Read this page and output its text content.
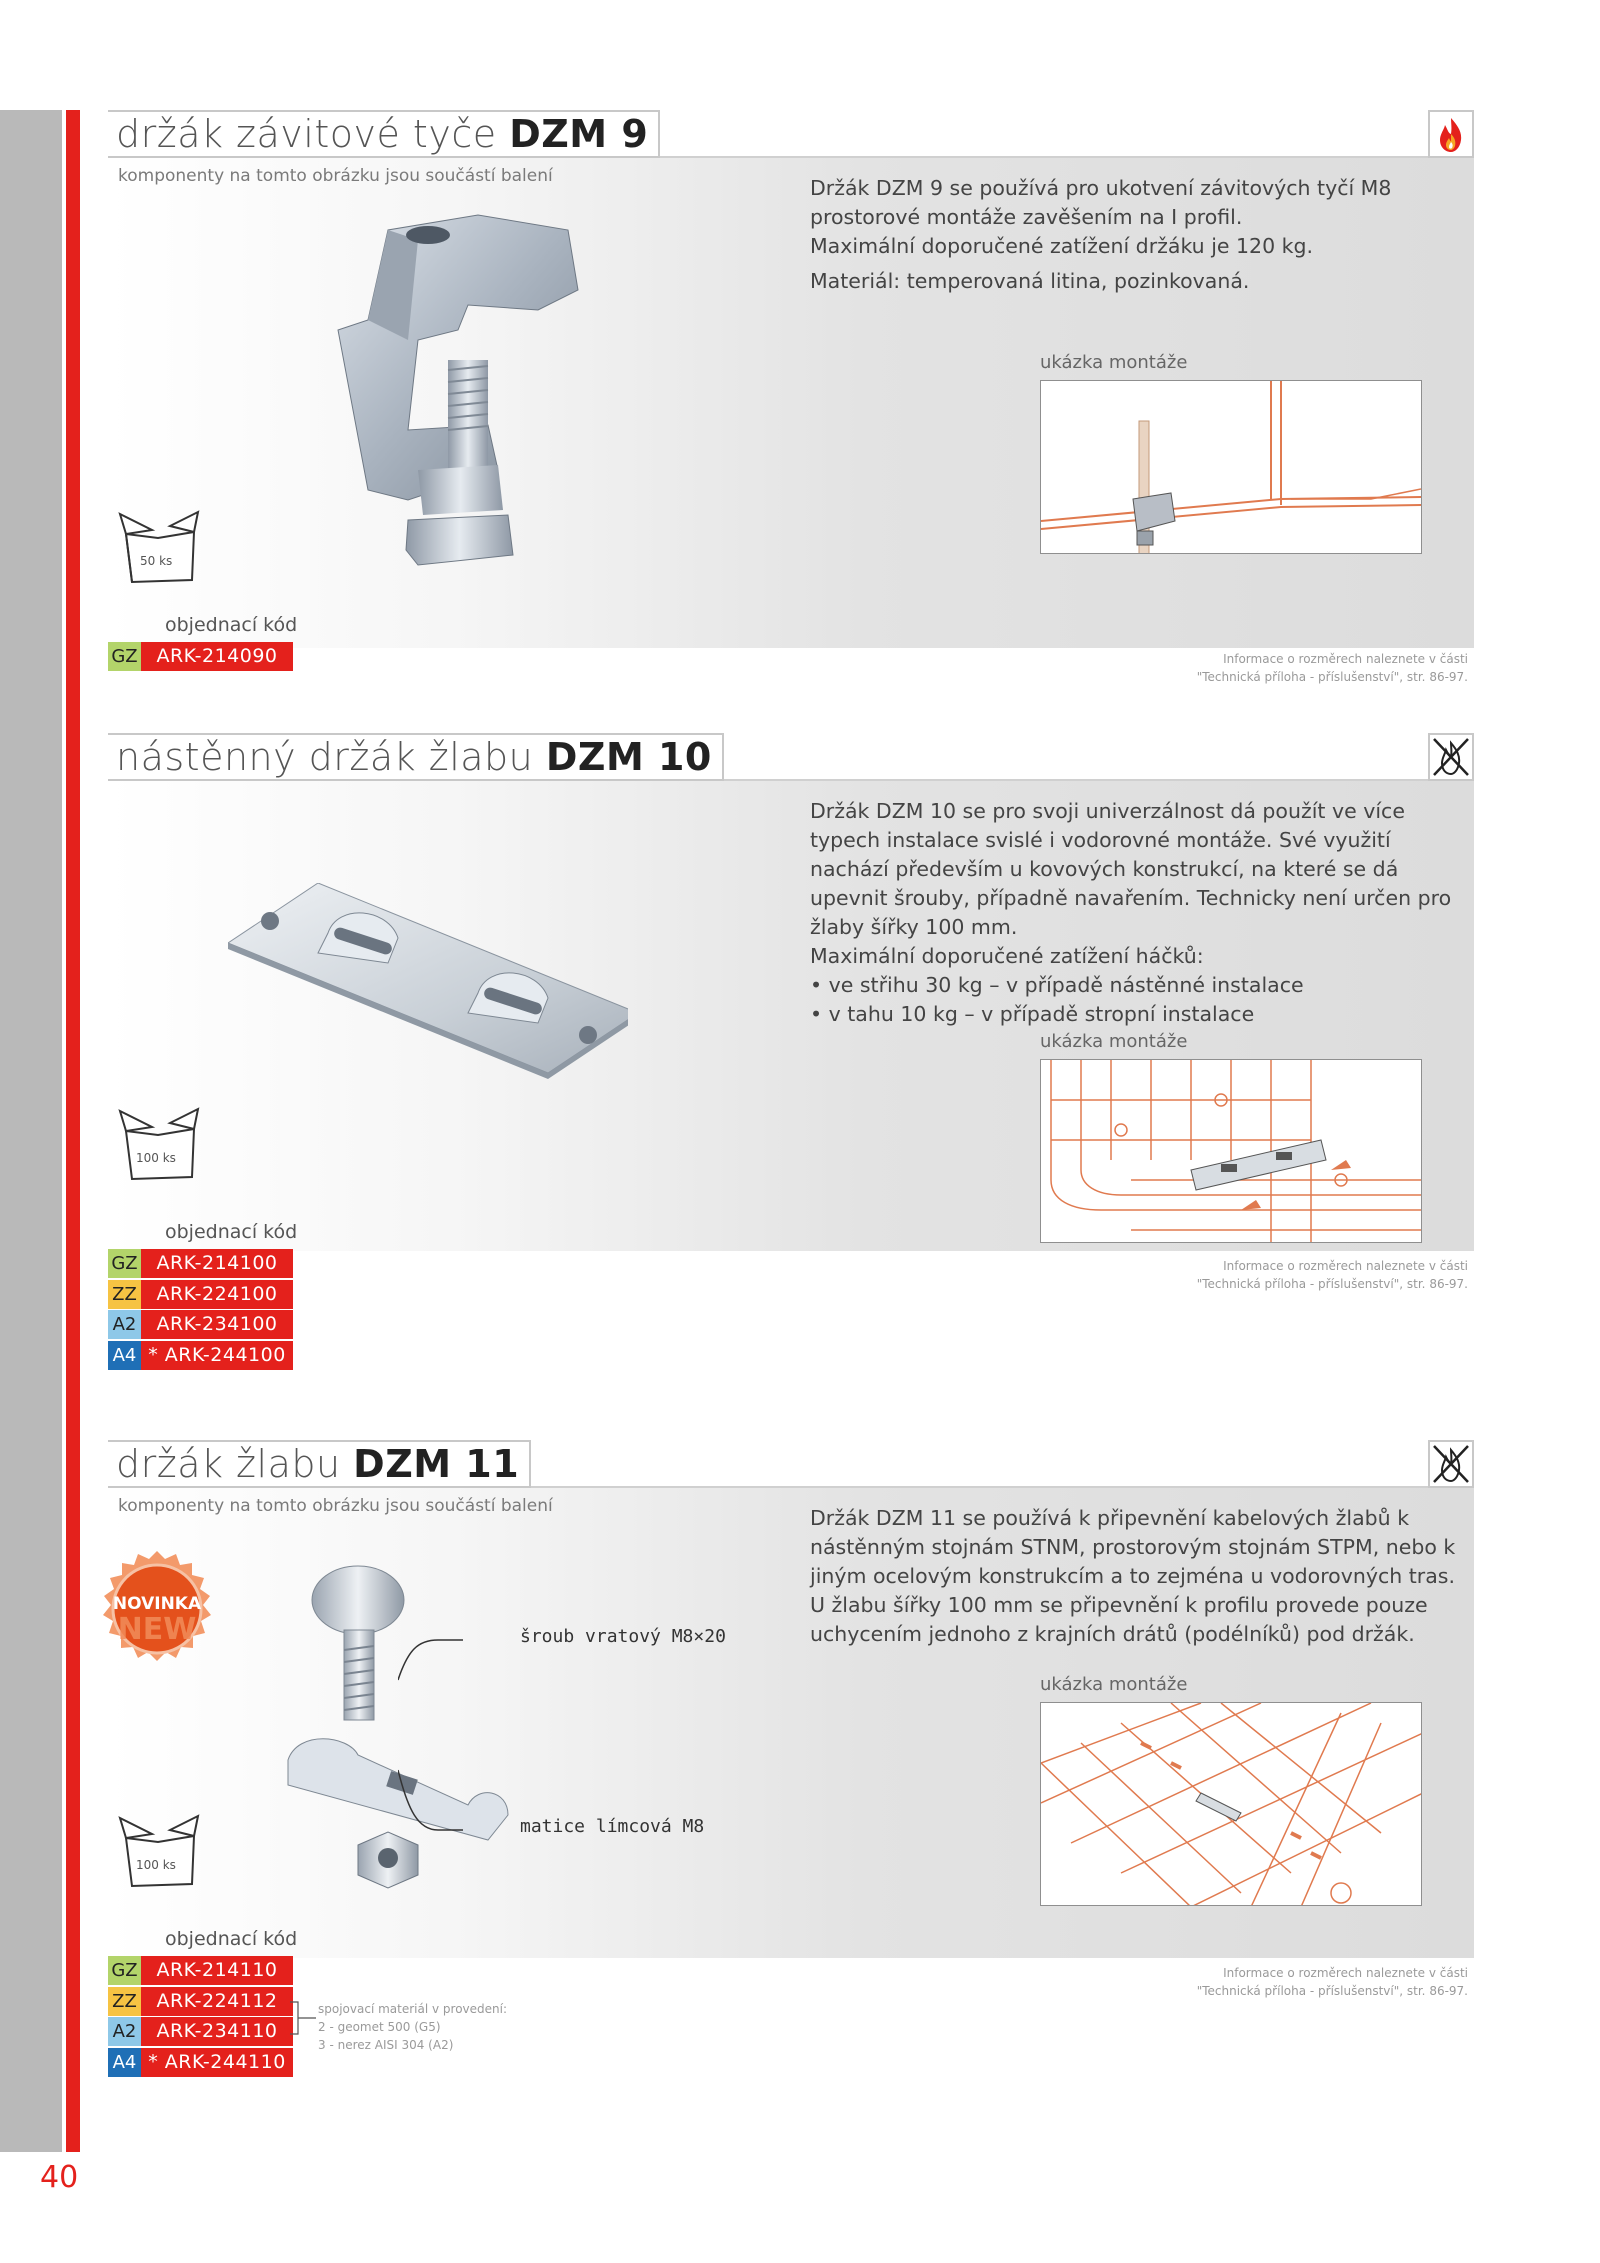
držák závitové tyče DZM 9
komponenty na tomto obrázku jsou součástí balení	Držák DZM 9 se používá pro ukotvení závitových tyčí M8 prostorové montáže zavěšením na I profil.

Maximální doporučené zatížení držáku je 120 kg.

Materiál: temperovaná litina, pozinkovaná.

ukázka montáže
50 ks
objednací kód
GZ ARK-214090	Informace o rozměrech naleznete v části
"Technická příloha - příslušenství", str. 86-97.
nástěnný držák žlabu DZM 10

Držák DZM 10 se pro svoji univerzálnost dá použít ve více typech instalace svislé i vodorovné montáže. Své využití nachází především u kovových konstrukcí, na které se dá upevnit šrouby, případně navařením. Technicky není určen pro žlaby šířky 100 mm.

Maximální doporučené zatížení háčků:

• ve střihu 30 kg – v případě nástěnné instalace

• v tahu 10 kg – v případě stropní instalace

ukázka montáže
100 ks
objednací kód
GZ ARK-214100
ZZ	ARK-224100
A2	ARK-234100
A4 * ARK-244100
Informace o rozměrech naleznete v části
"Technická příloha - příslušenství", str. 86-97.
držák žlabu DZM 11
komponenty na tomto obrázku jsou součástí balení
šroub vratový M8×20
matice límcová M8

Držák DZM 11 se používá k připevnění kabelových žlabů k nástěnným stojnám STNM, prostorovým stojnám STPM, nebo k jiným ocelovým konstrukcím a to zejména u vodorovných tras.

U žlabu šířky 100 mm se připevnění k profilu provede pouze uchycením jednoho z krajních drátů (podélníků) pod držák.

ukázka montáže
100 ks
objednací kód
GZ ARK-214110
ZZ	ARK-224112
A2	ARK-234110
A4 * ARK-244110
spojovací materiál v provedení:
2 - geomet 500 (G5)
3 - nerez AISI 304 (A2)
Informace o rozměrech naleznete v části
"Technická příloha - příslušenství", str. 86-97.
NOVINKA
NEW
40
